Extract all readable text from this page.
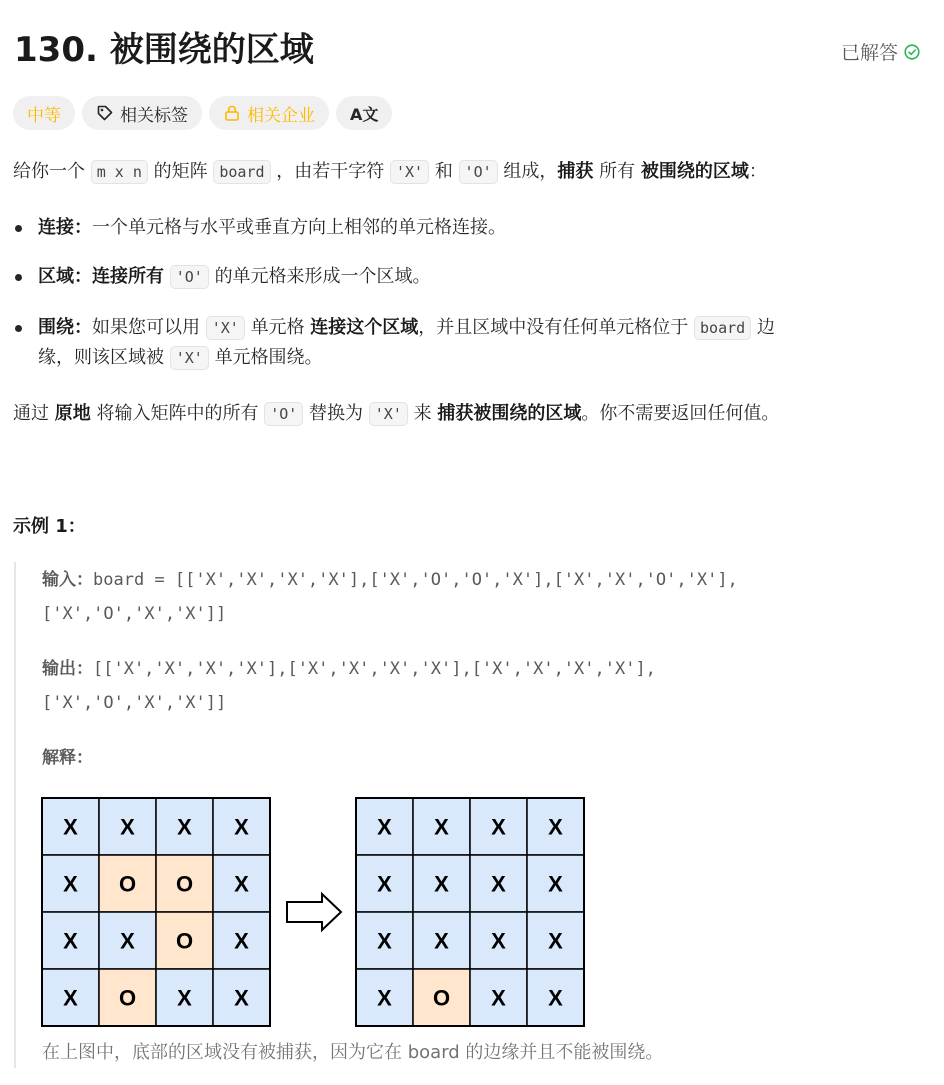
130. 被围绕的区域	已解答
中等	相关标签	相关企业 A文
给你一个 m x n 的矩阵 board ，由若干字符 'X' 和 'O' 组成，捕获 所有 被围绕的区域：
连接：一个单元格与水平或垂直方向上相邻的单元格连接。
区域：连接所有 'O' 的单元格来形成一个区域。
围绕：如果您可以用 'X' 单元格 连接这个区域，并且区域中没有任何单元格位于 board 边
缘，则该区域被 'X' 单元格围绕。
通过 原地 将输入矩阵中的所有 'O' 替换为 'X' 来 捕获被围绕的区域。你不需要返回任何值。
示例 1：
输入：board = [['X','X','X','X'],['X','O','O','X'],['X','X','O','X'],
['X','O','X','X']]
输出：[['X','X','X','X'],['X','X','X','X'],['X','X','X','X'],
['X','O','X','X']]
解释：
X X X X
X O O X
X X O X
X O X X
X X X X
X X X X
X X X X
X O X X
在上图中，底部的区域没有被捕获，因为它在 board 的边缘并且不能被围绕。
